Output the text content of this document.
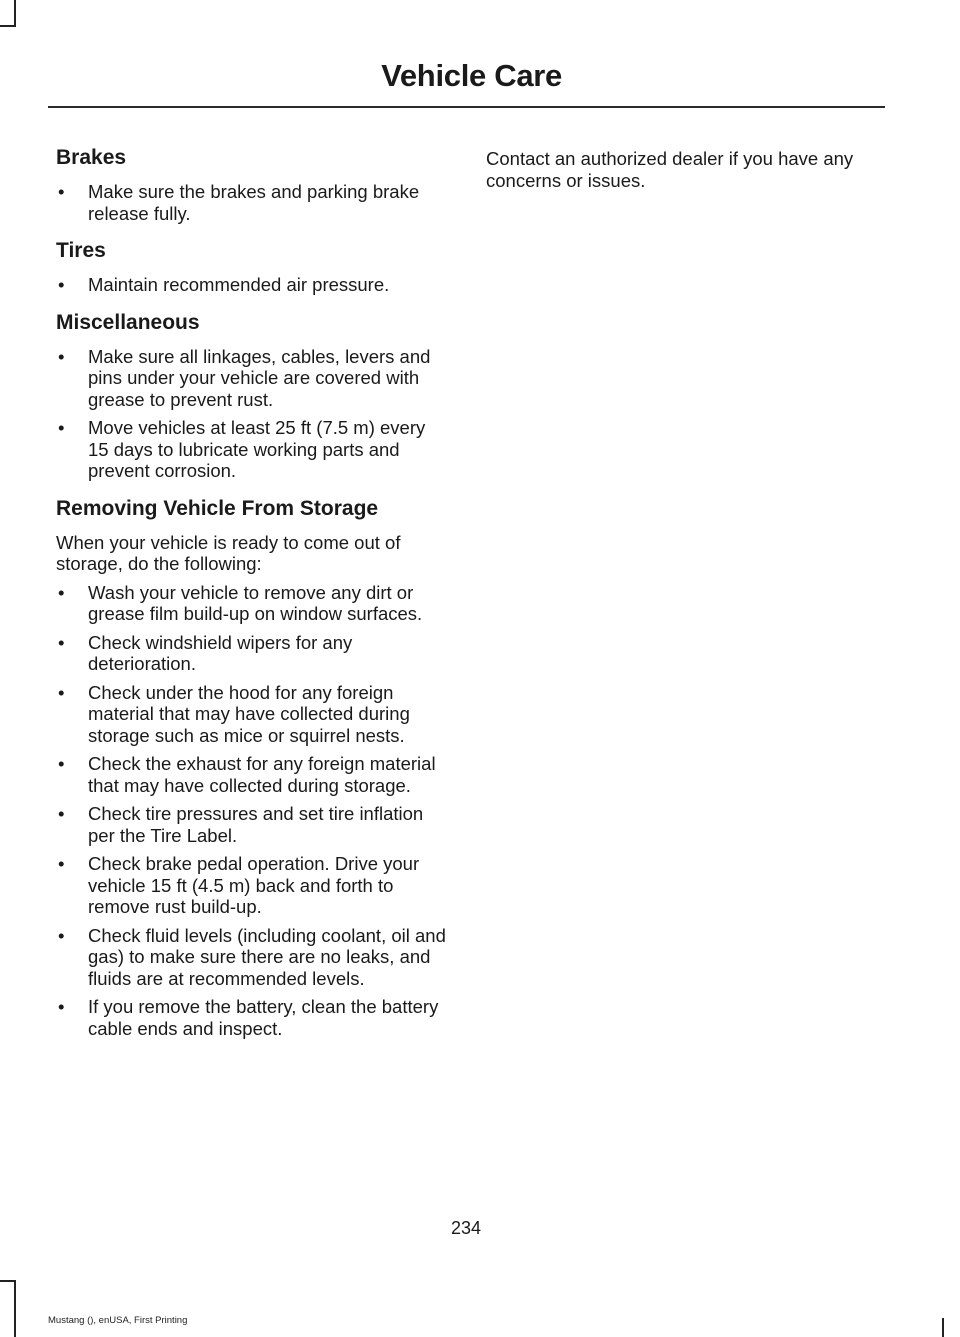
Vehicle Care
Brakes
• Make sure the brakes and parking brake release fully.
Tires
• Maintain recommended air pressure.
Miscellaneous
• Make sure all linkages, cables, levers and pins under your vehicle are covered with grease to prevent rust.
• Move vehicles at least 25 ft (7.5 m) every 15 days to lubricate working parts and prevent corrosion.
Removing Vehicle From Storage

When your vehicle is ready to come out of storage, do the following:

• Wash your vehicle to remove any dirt or grease film build-up on window surfaces.
• Check windshield wipers for any deterioration.
• Check under the hood for any foreign material that may have collected during storage such as mice or squirrel nests.
• Check the exhaust for any foreign material that may have collected during storage.
• Check tire pressures and set tire inflation per the Tire Label.
• Check brake pedal operation. Drive your vehicle 15 ft (4.5 m) back and forth to remove rust build-up.
• Check fluid levels (including coolant, oil and gas) to make sure there are no leaks, and fluids are at recommended levels.
• If you remove the battery, clean the battery cable ends and inspect.

Contact an authorized dealer if you have any concerns or issues.

234
Mustang (), enUSA, First Printing
